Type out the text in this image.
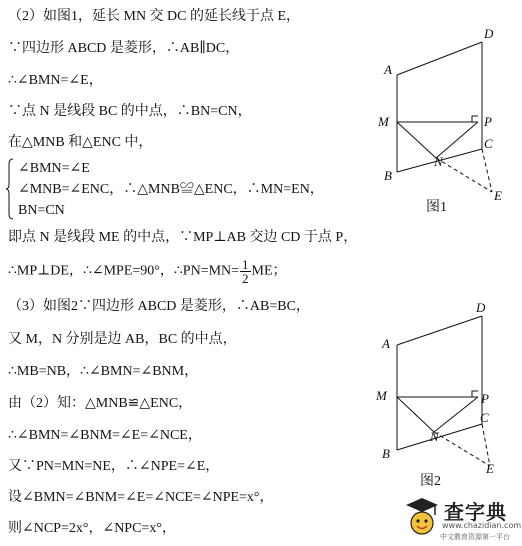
（2）如图1，延长 MN 交 DC 的延长线于点 E，
∵四边形 ABCD 是菱形，∴AB∥DC，
∴∠BMN=∠E，
∵点 N 是线段 BC 的中点，∴BN=CN，
在△MNB 和△ENC 中，
∠BMN=∠E
∠MNB=∠ENC，∴△MNB≌△ENC，∴MN=EN，
BN=CN
即点 N 是线段 ME 的中点，∵MP⊥AB 交边 CD 于点 P，
∴MP⊥DE，∴∠MPE=90°，∴PN=MN= $\frac{1}{2}$ ME；
（3）如图2∵四边形 ABCD 是菱形，∴AB=BC，
又 M，N 分别是边 AB，BC 的中点，
∴MB=NB，∴∠BMN=∠BNM，
由（2）知：△MNB≌△ENC，
∴∠BMN=∠BNM=∠E=∠NCE，
又∵PN=MN=NE，∴∠NPE=∠E，
设∠BMN=∠BNM=∠E=∠NCE=∠NPE=x°，
则∠NCP=2x°，∠NPC=x°，
D
A
M	P
C
N
B
E
图1
D
A
M	P
C
N
B
E
图2
查字典
www.chazidian.com
中文教育资源第一平台
